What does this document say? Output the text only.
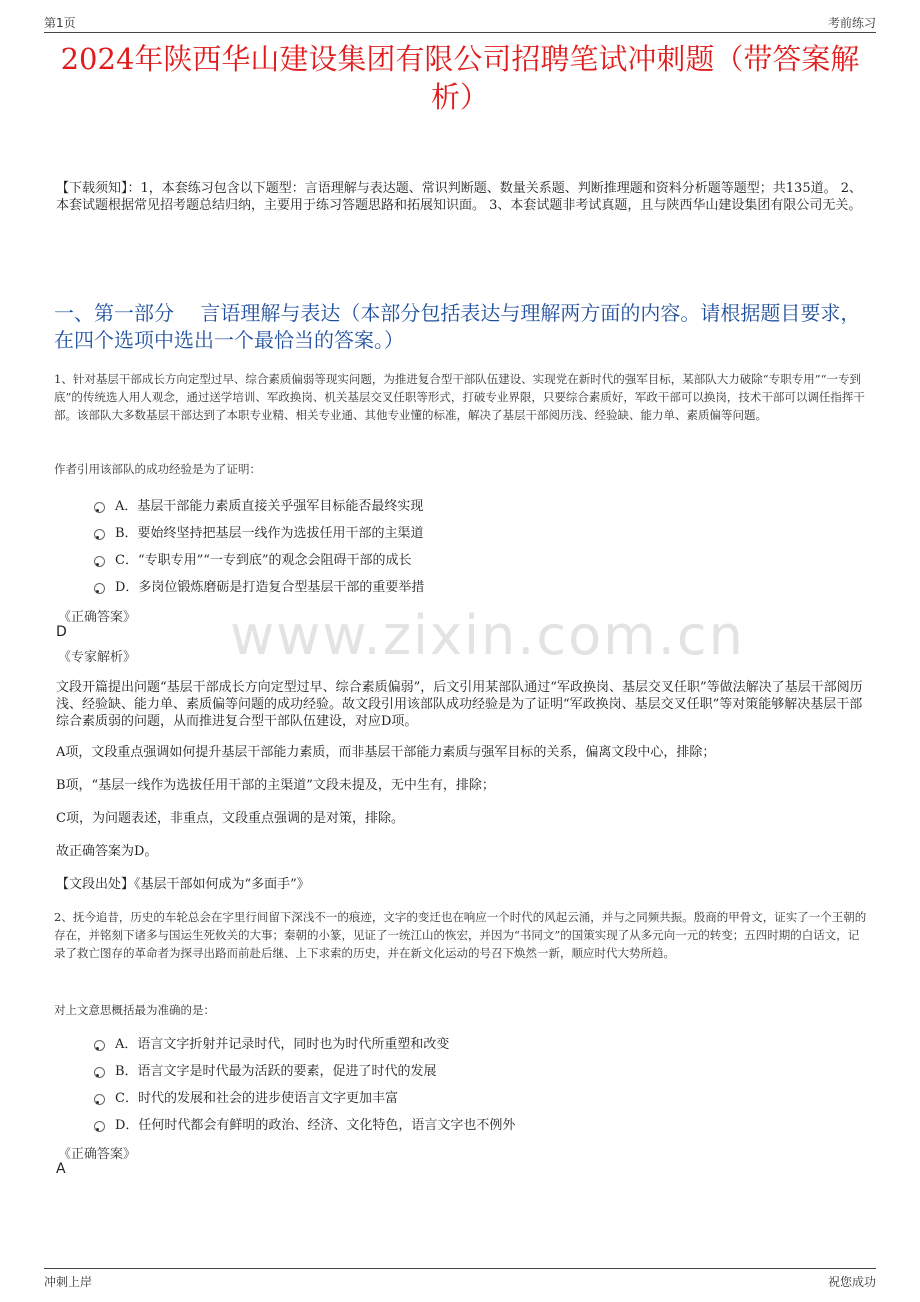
第1页	考前练习
2024年陕西华山建设集团有限公司招聘笔试冲刺题（带答案解析）
【下载须知】：1，本套练习包含以下题型：言语理解与表达题、常识判断题、数量关系题、判断推理题和资料分析题等题型；共135道。 2、本套试题根据常见招考题总结归纳，主要用于练习答题思路和拓展知识面。 3、本套试题非考试真题，且与陕西华山建设集团有限公司无关。
一、第一部分　 言语理解与表达（本部分包括表达与理解两方面的内容。请根据题目要求，在四个选项中选出一个最恰当的答案。）
1、针对基层干部成长方向定型过早、综合素质偏弱等现实问题，为推进复合型干部队伍建设、实现党在新时代的强军目标，某部队大力破除“专职专用”“一专到底”的传统选人用人观念，通过送学培训、军政换岗、机关基层交叉任职等形式，打破专业界限，只要综合素质好，军政干部可以换岗，技术干部可以调任指挥干部。该部队大多数基层干部达到了本职专业精、相关专业通、其他专业懂的标准，解决了基层干部阅历浅、经验缺、能力单、素质偏等问题。
作者引用该部队的成功经验是为了证明：
A．基层干部能力素质直接关乎强军目标能否最终实现
B．要始终坚持把基层一线作为选拔任用干部的主渠道
C．“专职专用”“一专到底”的观念会阻碍干部的成长
D．多岗位锻炼磨砺是打造复合型基层干部的重要举措
《正确答案》
D	www.zixin.com.cn
《专家解析》
文段开篇提出问题“基层干部成长方向定型过早、综合素质偏弱”，后文引用某部队通过“军政换岗、基层交叉任职”等做法解决了基层干部阅历浅、经验缺、能力单、素质偏等问题的成功经验。故文段引用该部队成功经验是为了证明“军政换岗、基层交叉任职”等对策能够解决基层干部综合素质弱的问题，从而推进复合型干部队伍建设，对应D项。
A项，文段重点强调如何提升基层干部能力素质，而非基层干部能力素质与强军目标的关系，偏离文段中心，排除；
B项，“基层一线作为选拔任用干部的主渠道”文段未提及，无中生有，排除；
C项，为问题表述，非重点，文段重点强调的是对策，排除。
故正确答案为D。
【文段出处】《基层干部如何成为“多面手”》
2、抚今追昔，历史的车轮总会在字里行间留下深浅不一的痕迹，文字的变迁也在响应一个时代的风起云涌，并与之同频共振。殷商的甲骨文，证实了一个王朝的存在，并铭刻下诸多与国运生死攸关的大事；秦朝的小篆，见证了一统江山的恢宏，并因为“书同文”的国策实现了从多元向一元的转变；五四时期的白话文，记录了救亡图存的革命者为探寻出路而前赴后继、上下求索的历史，并在新文化运动的号召下焕然一新，顺应时代大势所趋。
对上文意思概括最为准确的是：
A．语言文字折射并记录时代，同时也为时代所重塑和改变
B．语言文字是时代最为活跃的要素，促进了时代的发展
C．时代的发展和社会的进步使语言文字更加丰富
D．任何时代都会有鲜明的政治、经济、文化特色，语言文字也不例外
《正确答案》
A
冲刺上岸	祝您成功
